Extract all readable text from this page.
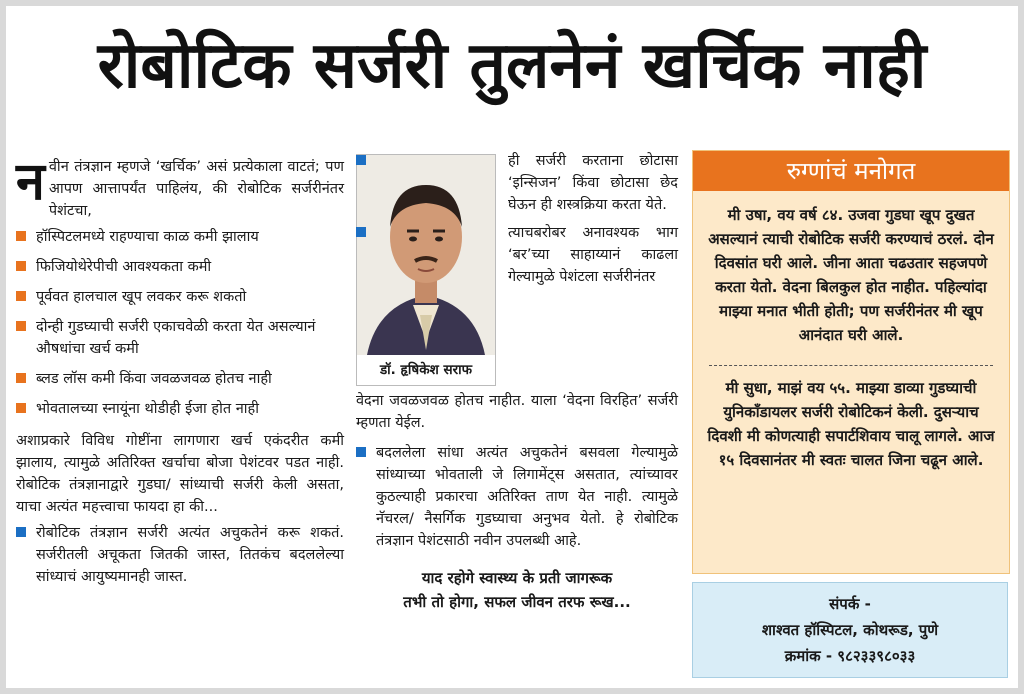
रोबोटिक सर्जरी तुलनेनं खर्चिक नाही
नवीन तंत्रज्ञान म्हणजे ‘खर्चिक’ असं प्रत्येकाला वाटतं; पण आपण आत्तापर्यंत पाहिलंय, की रोबोटिक सर्जरीनंतर पेशंटचा,
हॉस्पिटलमध्ये राहण्याचा काळ कमी झालाय
फिजियोथेरेपीची आवश्यकता कमी
पूर्ववत हालचाल खूप लवकर करू शकतो
दोन्ही गुडघ्याची सर्जरी एकाचवेळी करता येत असल्यानं औषधांचा खर्च कमी
ब्लड लॉस कमी किंवा जवळजवळ होतच नाही
भोवतालच्या स्नायूंना थोडीही ईजा होत नाही
अशाप्रकारे विविध गोष्टींना लागणारा खर्च एकंदरीत कमी झालाय, त्यामुळे अतिरिक्त खर्चाचा बोजा पेशंटवर पडत नाही. रोबोटिक तंत्रज्ञानाद्वारे गुडघा/ सांध्याची सर्जरी केली असता, याचा अत्यंत महत्त्वाचा फायदा हा की...
रोबोटिक तंत्रज्ञान सर्जरी अत्यंत अचुकतेनं करू शकतं. सर्जरीतली अचूकता जितकी जास्त, तितकंच बदललेल्या सांध्याचं आयुष्यमानही जास्त.
डॉ. हृषिकेश सराफ
ही सर्जरी करताना छोटासा ‘इन्सिजन’ किंवा छोटासा छेद घेऊन ही शस्त्रक्रिया करता येते.
त्याचबरोबर अनावश्यक भाग ‘बर’च्या साहाय्यानं काढला गेल्यामुळे पेशंटला सर्जरीनंतर
वेदना जवळजवळ होतच नाहीत. याला ‘वेदना विरहित’ सर्जरी म्हणता येईल.
बदललेला सांधा अत्यंत अचुकतेनं बसवला गेल्यामुळे सांध्याच्या भोवताली जे लिगामेंट्स असतात, त्यांच्यावर कुठल्याही प्रकारचा अतिरिक्त ताण येत नाही. त्यामुळे नॅचरल/ नैसर्गिक गुडघ्याचा अनुभव येतो. हे रोबोटिक तंत्रज्ञान पेशंटसाठी नवीन उपलब्धी आहे.
याद रहोगे स्वास्थ्य के प्रती जागरूक
तभी तो होगा, सफल जीवन तरफ रूख...
रुग्णांचं मनोगत
मी उषा, वय वर्ष ८४. उजवा गुडघा खूप दुखत असल्यानं त्याची रोबोटिक सर्जरी करण्याचं ठरलं. दोन दिवसांत घरी आले. जीना आता चढउतार सहजपणे करता येतो. वेदना बिलकुल होत नाहीत. पहिल्यांदा माझ्या मनात भीती होती; पण सर्जरीनंतर मी खूप आनंदात घरी आले.
मी सुधा, माझं वय ५५. माझ्या डाव्या गुडघ्याची युनिकाँडायलर सर्जरी रोबोटिकनं केली. दुसऱ्याच दिवशी मी कोणत्याही सपार्टशिवाय चालू लागले. आज १५ दिवसानंतर मी स्वतः चालत जिना चढून आले.
संपर्क -
शाश्वत हॉस्पिटल, कोथरूड, पुणे
क्रमांक - ९८२३३९८०३३
